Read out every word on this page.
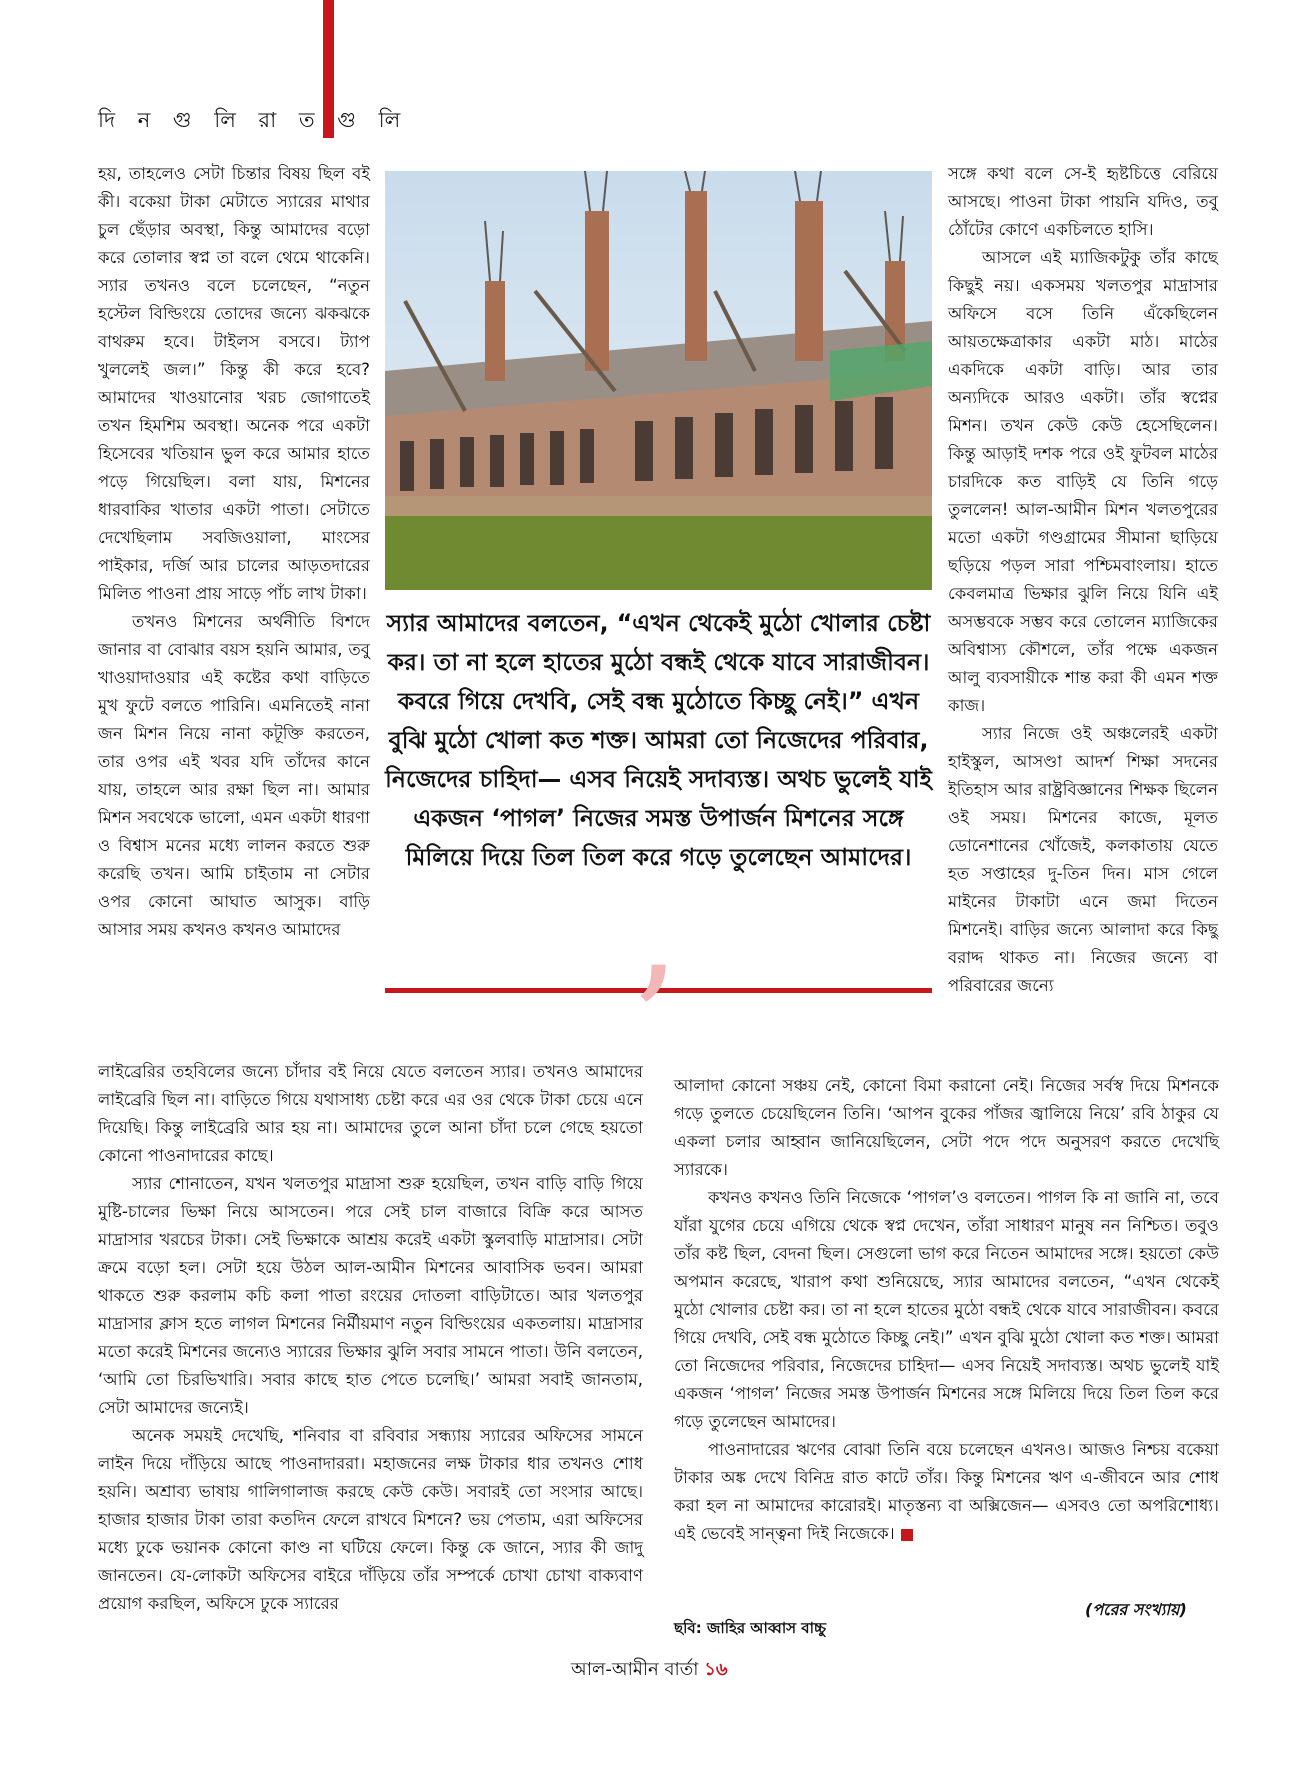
দি ন গু লি রা ত গু লি

হয়, তাহলেও সেটা চিন্তার বিষয় ছিল বই কী। বকেয়া টাকা মেটাতে স্যারের মাথার চুল ছেঁড়ার অবস্থা, কিন্তু আমাদের বড়ো করে তোলার স্বপ্ন তা বলে থেমে থাকেনি। স্যার তখনও বলে চলেছেন, “নতুন হস্টেল বিল্ডিংয়ে তোদের জন্যে ঝকঝকে বাথরুম হবে। টাইলস বসবে। ট্যাপ খুললেই জল।” কিন্তু কী করে হবে? আমাদের খাওয়ানোর খরচ জোগাতেই তখন হিমশিম অবস্থা। অনেক পরে একটা হিসেবের খতিয়ান ভুল করে আমার হাতে পড়ে গিয়েছিল। বলা যায়, মিশনের ধারবাকির খাতার একটা পাতা। সেটাতে দেখেছিলাম সবজিওয়ালা, মাংসের পাইকার, দর্জি আর চালের আড়তদারের মিলিত পাওনা প্রায় সাড়ে পাঁচ লাখ টাকা।

তখনও মিশনের অর্থনীতি বিশদে জানার বা বোঝার বয়স হয়নি আমার, তবু খাওয়াদাওয়ার এই কষ্টের কথা বাড়িতে মুখ ফুটে বলতে পারিনি। এমনিতেই নানা জন মিশন নিয়ে নানা কটূক্তি করতেন, তার ওপর এই খবর যদি তাঁদের কানে যায়, তাহলে আর রক্ষা ছিল না। আমার মিশন সবথেকে ভালো, এমন একটা ধারণা ও বিশ্বাস মনের মধ্যে লালন করতে শুরু করেছি তখন। আমি চাইতাম না সেটার ওপর কোনো আঘাত আসুক। বাড়ি আসার সময় কখনও কখনও আমাদের

স্যার আমাদের বলতেন, “এখন থেকেই মুঠো খোলার চেষ্টা কর। তা না হলে হাতের মুঠো বন্ধই থেকে যাবে সারাজীবন। কবরে গিয়ে দেখবি, সেই বন্ধ মুঠোতে কিচ্ছু নেই।” এখন বুঝি মুঠো খোলা কত শক্ত। আমরা তো নিজেদের পরিবার, নিজেদের চাহিদা— এসব নিয়েই সদাব্যস্ত। অথচ ভুলেই যাই একজন ‘পাগল’ নিজের সমস্ত উপার্জন মিশনের সঙ্গে মিলিয়ে দিয়ে তিল তিল করে গড়ে তুলেছেন আমাদের।
’

সঙ্গে কথা বলে সে-ই হৃষ্টচিত্তে বেরিয়ে আসছে। পাওনা টাকা পায়নি যদিও, তবু ঠোঁটের কোণে একচিলতে হাসি।

আসলে এই ম্যাজিকটুকু তাঁর কাছে কিছুই নয়। একসময় খলতপুর মাদ্রাসার অফিসে বসে তিনি এঁকেছিলেন আয়তক্ষেত্রাকার একটা মাঠ। মাঠের একদিকে একটা বাড়ি। আর তার অন্যদিকে আরও একটা। তাঁর স্বপ্নের মিশন। তখন কেউ কেউ হেসেছিলেন। কিন্তু আড়াই দশক পরে ওই ফুটবল মাঠের চারদিকে কত বাড়িই যে তিনি গড়ে তুললেন! আল-আমীন মিশন খলতপুরের মতো একটা গণ্ডগ্রামের সীমানা ছাড়িয়ে ছড়িয়ে পড়ল সারা পশ্চিমবাংলায়। হাতে কেবলমাত্র ভিক্ষার ঝুলি নিয়ে যিনি এই অসম্ভবকে সম্ভব করে তোলেন ম্যাজিকের অবিশ্বাস্য কৌশলে, তাঁর পক্ষে একজন আলু ব্যবসায়ীকে শান্ত করা কী এমন শক্ত কাজ।

স্যার নিজে ওই অঞ্চলেরই একটা হাইস্কুল, আসণ্ডা আদর্শ শিক্ষা সদনের ইতিহাস আর রাষ্ট্রবিজ্ঞানের শিক্ষক ছিলেন ওই সময়। মিশনের কাজে, মূলত ডোনেশানের খোঁজেই, কলকাতায় যেতে হত সপ্তাহের দু-তিন দিন। মাস গেলে মাইনের টাকাটা এনে জমা দিতেন মিশনেই। বাড়ির জন্যে আলাদা করে কিছু বরাদ্দ থাকত না। নিজের জন্যে বা পরিবারের জন্যে

লাইব্রেরির তহবিলের জন্যে চাঁদার বই নিয়ে যেতে বলতেন স্যার। তখনও আমাদের লাইব্রেরি ছিল না। বাড়িতে গিয়ে যথাসাধ্য চেষ্টা করে এর ওর থেকে টাকা চেয়ে এনে দিয়েছি। কিন্তু লাইব্রেরি আর হয় না। আমাদের তুলে আনা চাঁদা চলে গেছে হয়তো কোনো পাওনাদারের কাছে।

স্যার শোনাতেন, যখন খলতপুর মাদ্রাসা শুরু হয়েছিল, তখন বাড়ি বাড়ি গিয়ে মুষ্টি-চালের ভিক্ষা নিয়ে আসতেন। পরে সেই চাল বাজারে বিক্রি করে আসত মাদ্রাসার খরচের টাকা। সেই ভিক্ষাকে আশ্রয় করেই একটা স্কুলবাড়ি মাদ্রাসার। সেটা ক্রমে বড়ো হল। সেটা হয়ে উঠল আল-আমীন মিশনের আবাসিক ভবন। আমরা থাকতে শুরু করলাম কচি কলা পাতা রংয়ের দোতলা বাড়িটাতে। আর খলতপুর মাদ্রাসার ক্লাস হতে লাগল মিশনের নির্মীয়মাণ নতুন বিল্ডিংয়ের একতলায়। মাদ্রাসার মতো করেই মিশনের জন্যেও স্যারের ভিক্ষার ঝুলি সবার সামনে পাতা। উনি বলতেন, ‘আমি তো চিরভিখারি। সবার কাছে হাত পেতে চলেছি।’ আমরা সবাই জানতাম, সেটা আমাদের জন্যেই।

অনেক সময়ই দেখেছি, শনিবার বা রবিবার সন্ধ্যায় স্যারের অফিসের সামনে লাইন দিয়ে দাঁড়িয়ে আছে পাওনাদাররা। মহাজনের লক্ষ টাকার ধার তখনও শোধ হয়নি। অশ্রাব্য ভাষায় গালিগালাজ করছে কেউ কেউ। সবারই তো সংসার আছে। হাজার হাজার টাকা তারা কতদিন ফেলে রাখবে মিশনে? ভয় পেতাম, এরা অফিসের মধ্যে ঢুকে ভয়ানক কোনো কাণ্ড না ঘটিয়ে ফেলে। কিন্তু কে জানে, স্যার কী জাদু জানতেন। যে-লোকটা অফিসের বাইরে দাঁড়িয়ে তাঁর সম্পর্কে চোখা চোখা বাক্যবাণ প্রয়োগ করছিল, অফিসে ঢুকে স্যারের

আলাদা কোনো সঞ্চয় নেই, কোনো বিমা করানো নেই। নিজের সর্বস্ব দিয়ে মিশনকে গড়ে তুলতে চেয়েছিলেন তিনি। ‘আপন বুকের পাঁজর জ্বালিয়ে নিয়ে’ রবি ঠাকুর যে একলা চলার আহ্বান জানিয়েছিলেন, সেটা পদে পদে অনুসরণ করতে দেখেছি স্যারকে।

কখনও কখনও তিনি নিজেকে ‘পাগল’ও বলতেন। পাগল কি না জানি না, তবে যাঁরা যুগের চেয়ে এগিয়ে থেকে স্বপ্ন দেখেন, তাঁরা সাধারণ মানুষ নন নিশ্চিত। তবুও তাঁর কষ্ট ছিল, বেদনা ছিল। সেগুলো ভাগ করে নিতেন আমাদের সঙ্গে। হয়তো কেউ অপমান করেছে, খারাপ কথা শুনিয়েছে, স্যার আমাদের বলতেন, “এখন থেকেই মুঠো খোলার চেষ্টা কর। তা না হলে হাতের মুঠো বন্ধই থেকে যাবে সারাজীবন। কবরে গিয়ে দেখবি, সেই বন্ধ মুঠোতে কিচ্ছু নেই।” এখন বুঝি মুঠো খোলা কত শক্ত। আমরা তো নিজেদের পরিবার, নিজেদের চাহিদা— এসব নিয়েই সদাব্যস্ত। অথচ ভুলেই যাই একজন ‘পাগল’ নিজের সমস্ত উপার্জন মিশনের সঙ্গে মিলিয়ে দিয়ে তিল তিল করে গড়ে তুলেছেন আমাদের।

পাওনাদারের ঋণের বোঝা তিনি বয়ে চলেছেন এখনও। আজও নিশ্চয় বকেয়া টাকার অঙ্ক দেখে বিনিদ্র রাত কাটে তাঁর। কিন্তু মিশনের ঋণ এ-জীবনে আর শোধ করা হল না আমাদের কারোরই। মাতৃস্তন্য বা অক্সিজেন— এসবও তো অপরিশোধ্য। এই ভেবেই সান্ত্বনা দিই নিজেকে।

(পরের সংখ্যায়)
ছবি: জাহির আব্বাস বাচ্চু
আল-আমীন বার্তা ১৬
